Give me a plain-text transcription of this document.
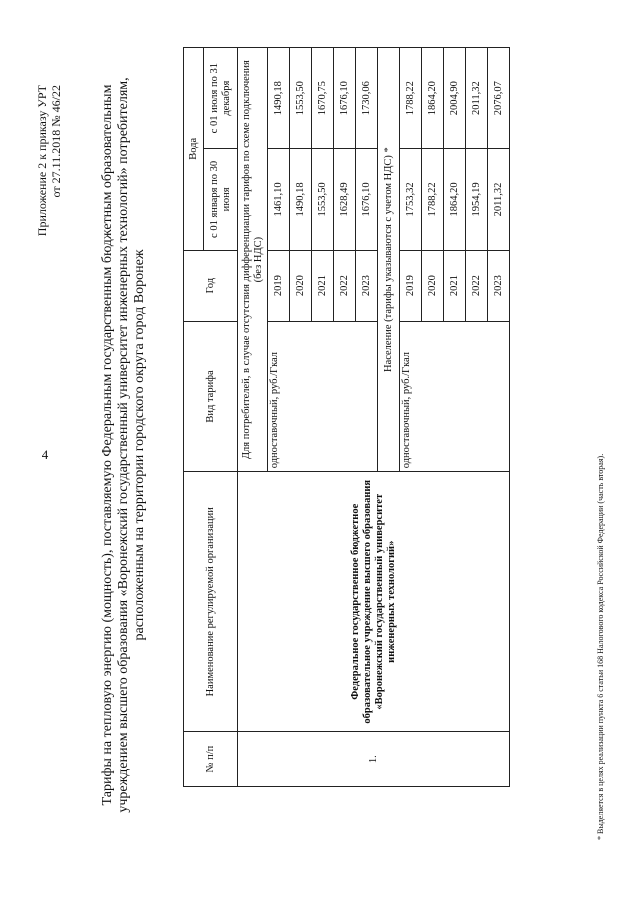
4
Приложение 2 к приказу УРТ от 27.11.2018 № 46/22	Тарифы на тепловую энергию (мощность), поставляемую Федеральным государственным бюджетным образовательным учреждением высшего образования «Воронежский государственный университет инженерных технологий» потребителям, расположенным на территории городского округа город Воронеж
№ п/п	Наименование регулируемой организации	Вид тарифа	Год	Вода	
				с 01 января по 30 июня	с 01 июля по 31 декабря
1.	Федеральное государственное бюджетное образовательное учреждение высшего образования «Воронежский государственный университет инженерных технологий»	Для потребителей, в случае отсутствия дифференциации тарифов по схеме подключения (без НДС)			
		одноставочный, руб./Гкал	2019	1461,10	1490,18
			2020	1490,18	1553,50
			2021	1553,50	1670,75
			2022	1628,49	1676,10
			2023	1676,10	1730,06
		Население (тарифы указываются с учетом НДС) *			
		одноставочный, руб./Гкал	2019	1753,32	1788,22
			2020	1788,22	1864,20
			2021	1864,20	2004,90
			2022	1954,19	2011,32
			2023	2011,32	2076,07
* Выделяется в целях реализации пункта 6 статьи 168 Налогового кодекса Российской Федерации (часть вторая).
